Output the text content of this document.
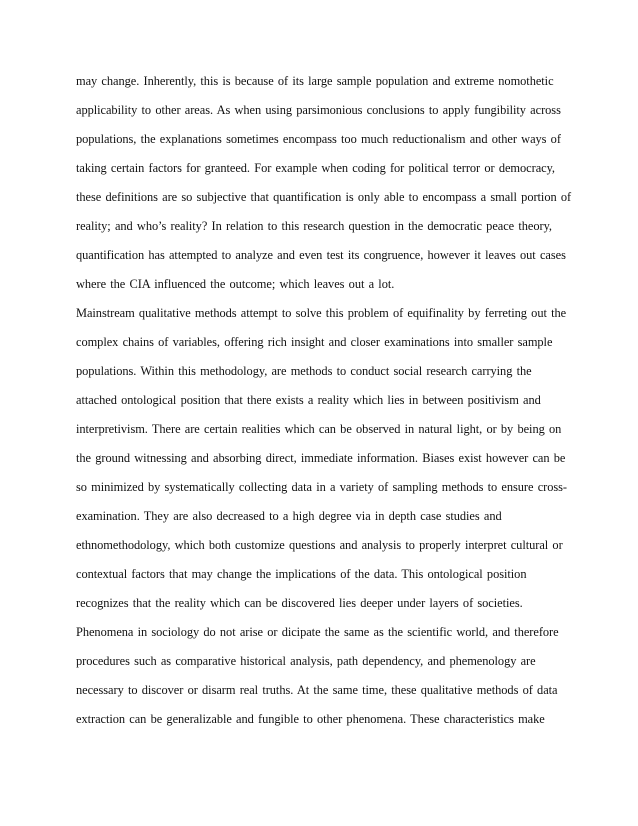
may change. Inherently, this is because of its large sample population and extreme nomothetic
applicability to other areas. As when using parsimonious conclusions to apply fungibility across
populations, the explanations sometimes encompass too much reductionalism and other ways of
taking certain factors for granteed. For example when coding for political terror or democracy,
these definitions are so subjective that quantification is only able to encompass a small portion of
reality; and who’s reality? In relation to this research question in the democratic peace theory,
quantification has attempted to analyze and even test its congruence, however it leaves out cases
where the CIA influenced the outcome; which leaves out a lot.
Mainstream qualitative methods attempt to solve this problem of equifinality by ferreting out the
complex chains of variables, offering rich insight and closer examinations into smaller sample
populations. Within this methodology, are methods to conduct social research carrying the
attached ontological position that there exists a reality which lies in between positivism and
interpretivism. There are certain realities which can be observed in natural light, or by being on
the ground witnessing and absorbing direct, immediate information. Biases exist however can be
so minimized by systematically collecting data in a variety of sampling methods to ensure cross-
examination. They are also decreased to a high degree via in depth case studies and
ethnomethodology, which both customize questions and analysis to properly interpret cultural or
contextual factors that may change the implications of the data. This ontological position
recognizes that the reality which can be discovered lies deeper under layers of societies.
Phenomena in sociology do not arise or dicipate the same as the scientific world, and therefore
procedures such as comparative historical analysis, path dependency, and phemenology are
necessary to discover or disarm real truths. At the same time, these qualitative methods of data
extraction can be generalizable and fungible to other phenomena. These characteristics make
